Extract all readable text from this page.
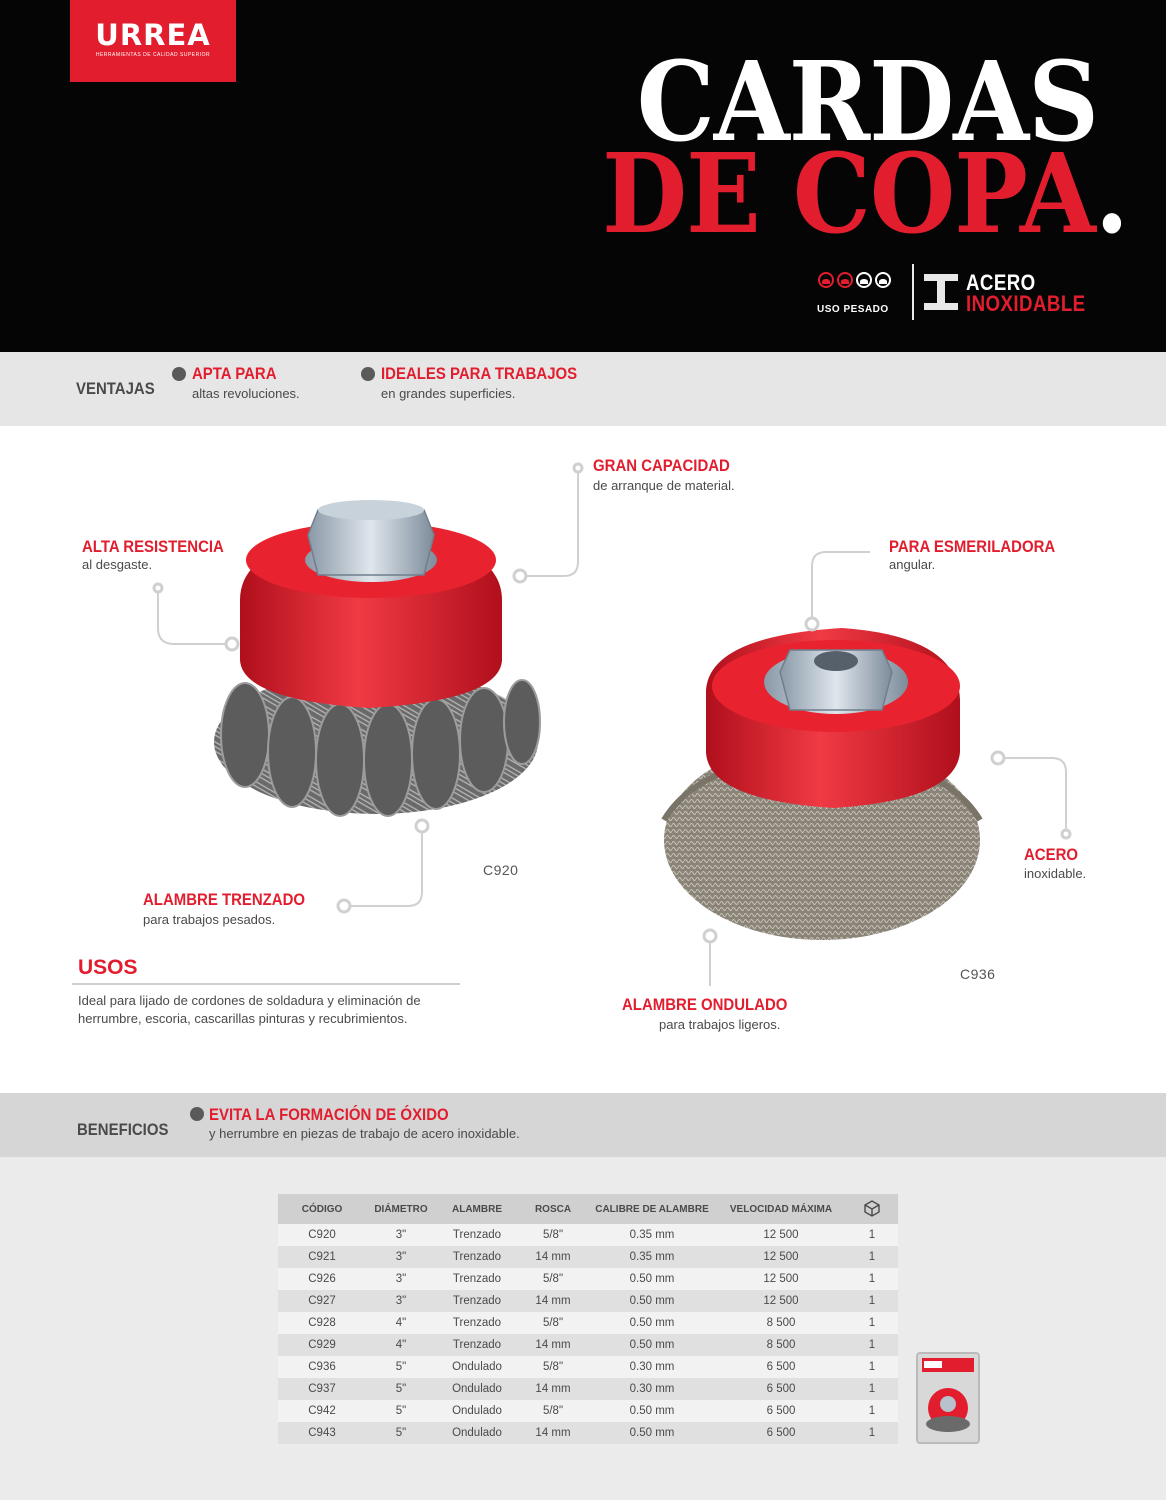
URREA
HERRAMIENTAS DE CALIDAD SUPERIOR	CARDAS
DE COPA.
USO PESADO
ACERO
INOXIDABLE
VENTAJAS
APTA PARA
altas revoluciones.
IDEALES PARA TRABAJOS
en grandes superficies.
GRAN CAPACIDAD
de arranque de material.
ALTA RESISTENCIA
al desgaste.
PARA ESMERILADORA
angular.
ACERO
inoxidable.
ALAMBRE TRENZADO
para trabajos pesados.
ALAMBRE ONDULADO
para trabajos ligeros.
C920
C936
USOS
Ideal para lijado de cordones de soldadura y eliminación de herrumbre, escoria, cascarillas pinturas y recubrimientos.
BENEFICIOS
EVITA LA FORMACIÓN DE ÓXIDO
y herrumbre en piezas de trabajo de acero inoxidable.
CÓDIGO	DIÁMETRO	ALAMBRE	ROSCA	CALIBRE DE ALAMBRE	VELOCIDAD MÁXIMA	
C920	3"	Trenzado	5/8"	0.35 mm	12 500	1
C921	3"	Trenzado	14 mm	0.35 mm	12 500	1
C926	3"	Trenzado	5/8"	0.50 mm	12 500	1
C927	3"	Trenzado	14 mm	0.50 mm	12 500	1
C928	4"	Trenzado	5/8"	0.50 mm	8 500	1
C929	4"	Trenzado	14 mm	0.50 mm	8 500	1
C936	5"	Ondulado	5/8"	0.30 mm	6 500	1
C937	5"	Ondulado	14 mm	0.30 mm	6 500	1
C942	5"	Ondulado	5/8"	0.50 mm	6 500	1
C943	5"	Ondulado	14 mm	0.50 mm	6 500	1
